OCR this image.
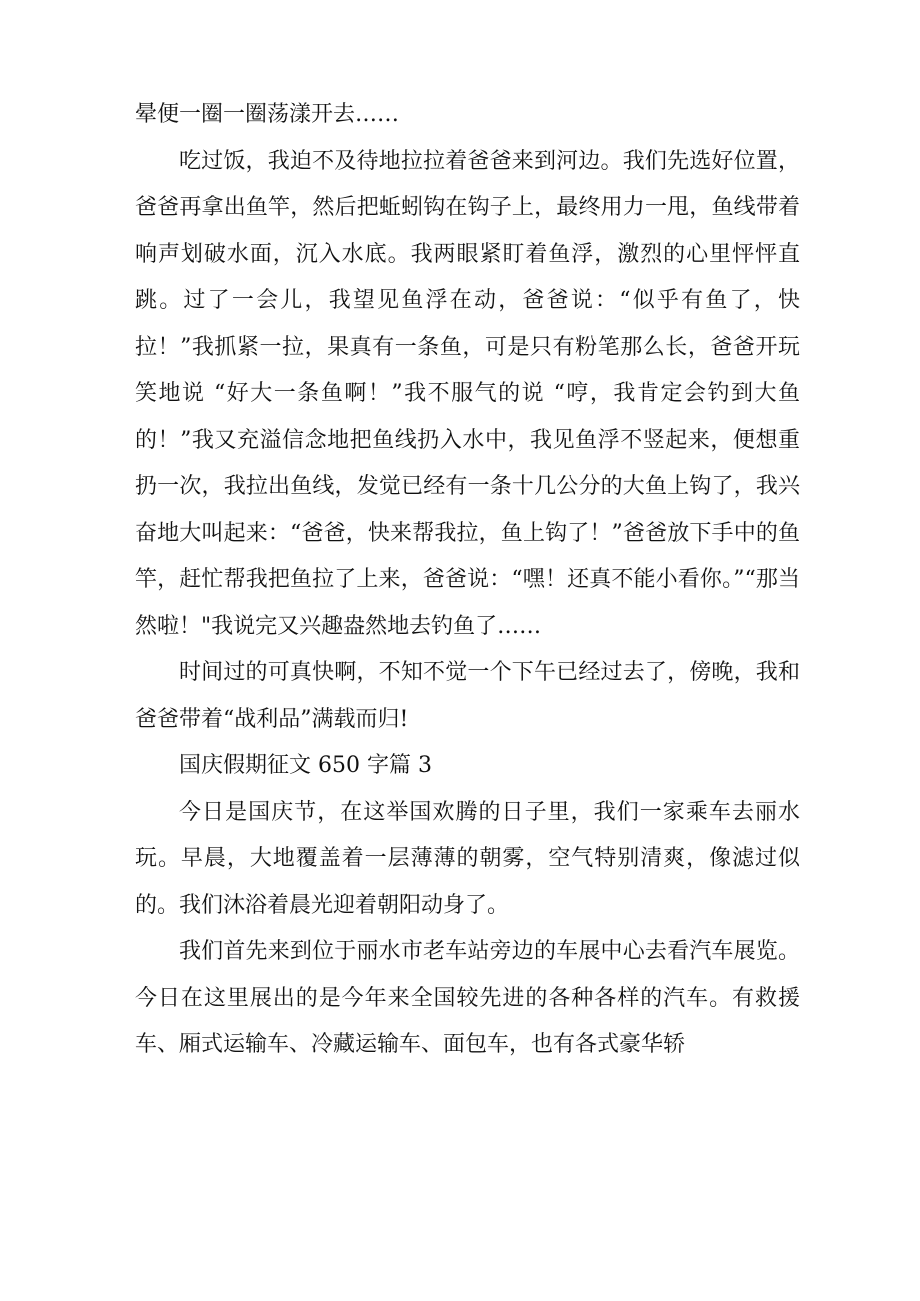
晕便一圈一圈荡漾开去……

吃过饭，我迫不及待地拉拉着爸爸来到河边。我们先选好位置，爸爸再拿出鱼竿，然后把蚯蚓钩在钩子上，最终用力一甩，鱼线带着响声划破水面，沉入水底。我两眼紧盯着鱼浮，激烈的心里怦怦直跳。过了一会儿，我望见鱼浮在动，爸爸说：“似乎有鱼了，快拉！”我抓紧一拉，果真有一条鱼，可是只有粉笔那么长，爸爸开玩笑地说 “好大一条鱼啊！”我不服气的说 “哼，我肯定会钓到大鱼的！”我又充溢信念地把鱼线扔入水中，我见鱼浮不竖起来，便想重扔一次，我拉出鱼线，发觉已经有一条十几公分的大鱼上钩了，我兴奋地大叫起来：“爸爸，快来帮我拉，鱼上钩了！”爸爸放下手中的鱼竿，赶忙帮我把鱼拉了上来，爸爸说：“嘿！还真不能小看你。”“那当然啦！"我说完又兴趣盎然地去钓鱼了……

时间过的可真快啊，不知不觉一个下午已经过去了，傍晚，我和爸爸带着“战利品”满载而归!

国庆假期征文 650 字篇 3

今日是国庆节，在这举国欢腾的日子里，我们一家乘车去丽水玩。早晨，大地覆盖着一层薄薄的朝雾，空气特别清爽，像滤过似的。我们沐浴着晨光迎着朝阳动身了。

我们首先来到位于丽水市老车站旁边的车展中心去看汽车展览。今日在这里展出的是今年来全国较先进的各种各样的汽车。有救援车、厢式运输车、冷藏运输车、面包车，也有各式豪华轿
